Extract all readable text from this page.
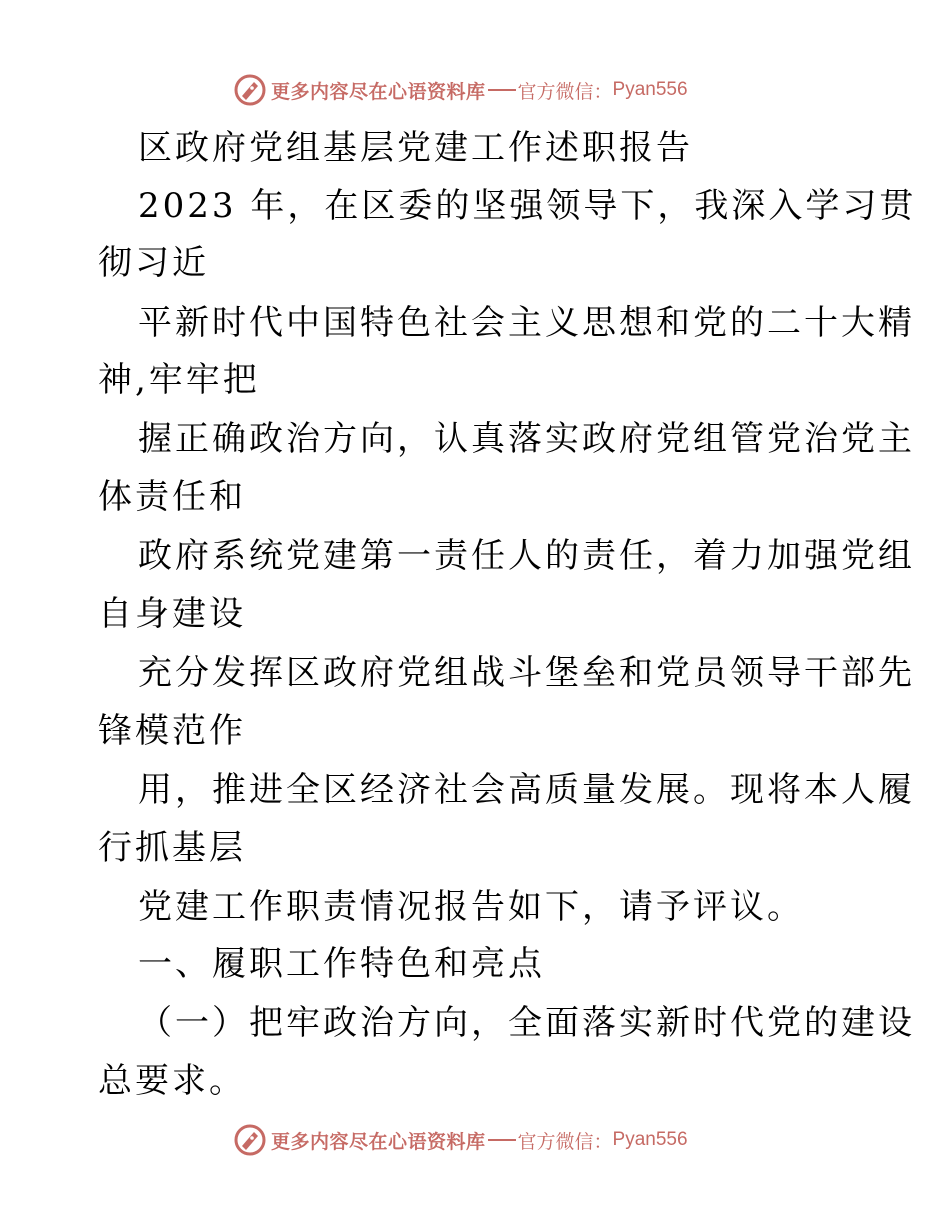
更多内容尽在心语资料库 官方微信： Pyan556
区政府党组基层党建工作述职报告
2023 年，在区委的坚强领导下，我深入学习贯
彻习近
平新时代中国特色社会主义思想和党的二十大精
神,牢牢把
握正确政治方向，认真落实政府党组管党治党主
体责任和
政府系统党建第一责任人的责任，着力加强党组
自身建设
充分发挥区政府党组战斗堡垒和党员领导干部先
锋模范作
用，推进全区经济社会高质量发展。现将本人履
行抓基层
党建工作职责情况报告如下，请予评议。
一、履职工作特色和亮点
（一）把牢政治方向，全面落实新时代党的建设
总要求。
更多内容尽在心语资料库 官方微信： Pyan556
